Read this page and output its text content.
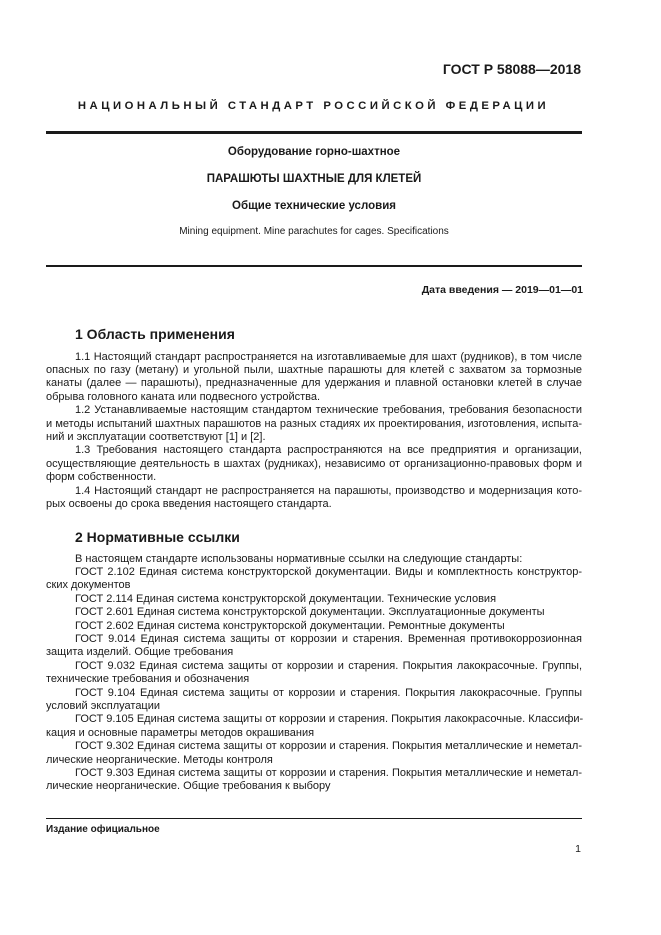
ГОСТ Р 58088—2018
НАЦИОНАЛЬНЫЙ СТАНДАРТ РОССИЙСКОЙ ФЕДЕРАЦИИ
Оборудование горно-шахтное
ПАРАШЮТЫ ШАХТНЫЕ ДЛЯ КЛЕТЕЙ
Общие технические условия
Mining equipment. Mine parachutes for cages. Specifications
Дата введения — 2019—01—01
1 Область применения
1.1 Настоящий стандарт распространяется на изготавливаемые для шахт (рудников), в том числе
опасных по газу (метану) и угольной пыли, шахтные парашюты для клетей с захватом за тормозные
канаты (далее — парашюты), предназначенные для удержания и плавной остановки клетей в случае
обрыва головного каната или подвесного устройства.
1.2 Устанавливаемые настоящим стандартом технические требования, требования безопасности
и методы испытаний шахтных парашютов на разных стадиях их проектирования, изготовления, испыта-
ний и эксплуатации соответствуют [1] и [2].
1.3 Требования настоящего стандарта распространяются на все предприятия и организации,
осуществляющие деятельность в шахтах (рудниках), независимо от организационно-правовых форм и
форм собственности.
1.4 Настоящий стандарт не распространяется на парашюты, производство и модернизация кото-
рых освоены до срока введения настоящего стандарта.
2 Нормативные ссылки
В настоящем стандарте использованы нормативные ссылки на следующие стандарты:
ГОСТ 2.102 Единая система конструкторской документации. Виды и комплектность конструктор-
ских документов
ГОСТ 2.114 Единая система конструкторской документации. Технические условия
ГОСТ 2.601 Единая система конструкторской документации. Эксплуатационные документы
ГОСТ 2.602 Единая система конструкторской документации. Ремонтные документы
ГОСТ 9.014 Единая система защиты от коррозии и старения. Временная противокоррозионная
защита изделий. Общие требования
ГОСТ 9.032 Единая система защиты от коррозии и старения. Покрытия лакокрасочные. Группы,
технические требования и обозначения
ГОСТ 9.104 Единая система защиты от коррозии и старения. Покрытия лакокрасочные. Группы
условий эксплуатации
ГОСТ 9.105 Единая система защиты от коррозии и старения. Покрытия лакокрасочные. Классифи-
кация и основные параметры методов окрашивания
ГОСТ 9.302 Единая система защиты от коррозии и старения. Покрытия металлические и неметал-
лические неорганические. Методы контроля
ГОСТ 9.303 Единая система защиты от коррозии и старения. Покрытия металлические и неметал-
лические неорганические. Общие требования к выбору
Издание официальное
1
